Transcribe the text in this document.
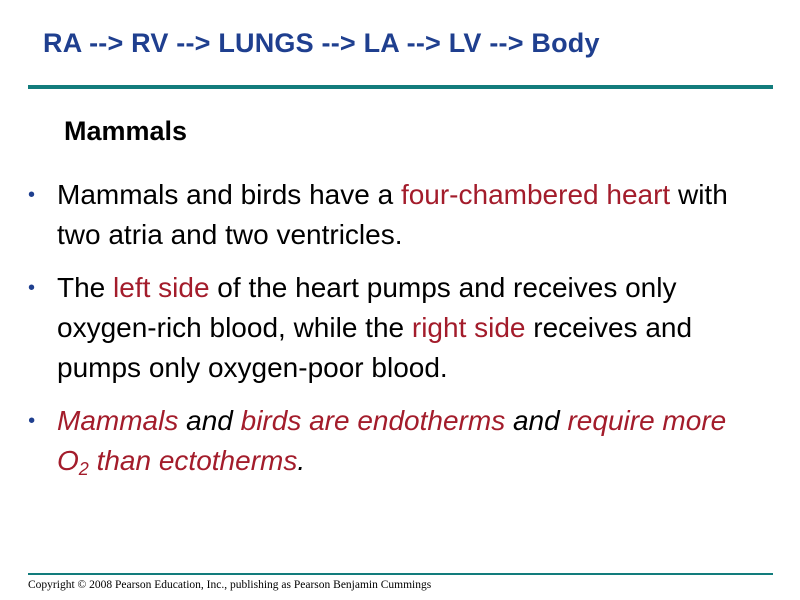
RA --> RV --> LUNGS --> LA --> LV --> Body
Mammals
• Mammals and birds have a four-chambered heart with two atria and two ventricles.
• The left side of the heart pumps and receives only oxygen-rich blood, while the right side receives and pumps only oxygen-poor blood.
• Mammals and birds are endotherms and require more $O_2$ than ectotherms.
Copyright © 2008 Pearson Education, Inc., publishing as Pearson Benjamin Cummings
